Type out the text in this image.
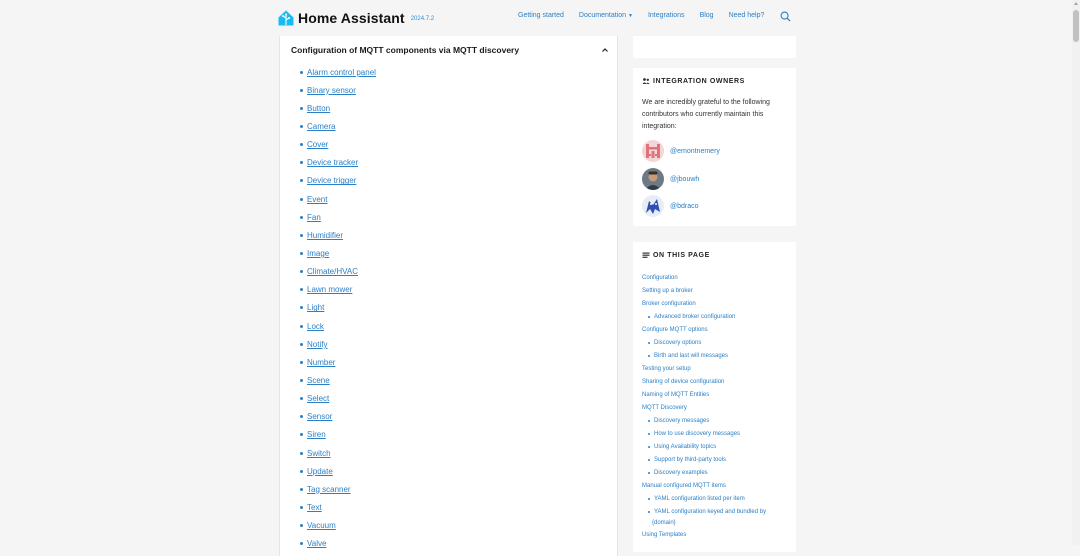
Home Assistant 2024.7.2	Getting started Documentation ▼ Integrations Blog Need help?
Configuration of MQTT components via MQTT discovery
Alarm control panel
Binary sensor
Button
Camera
Cover
Device tracker
Device trigger
Event
Fan
Humidifier
Image
Climate/HVAC
Lawn mower
Light
Lock
Notify
Number
Scene
Select
Sensor
Siren
Switch
Update
Tag scanner
Text
Vacuum
Valve
INTEGRATION OWNERS
We are incredibly grateful to the following contributors who currently maintain this integration:
@emontnemery
@jbouwh
@bdraco
ON THIS PAGE
Configuration
Setting up a broker
Broker configuration
Advanced broker configuration
Configure MQTT options
Discovery options
Birth and last will messages
Testing your setup
Sharing of device configuration
Naming of MQTT Entities
MQTT Discovery
Discovery messages
How to use discovery messages
Using Availability topics
Support by third-party tools
Discovery examples
Manual configured MQTT items
YAML configuration listed per item
YAML configuration keyed and bundled by
{domain}
Using Templates
